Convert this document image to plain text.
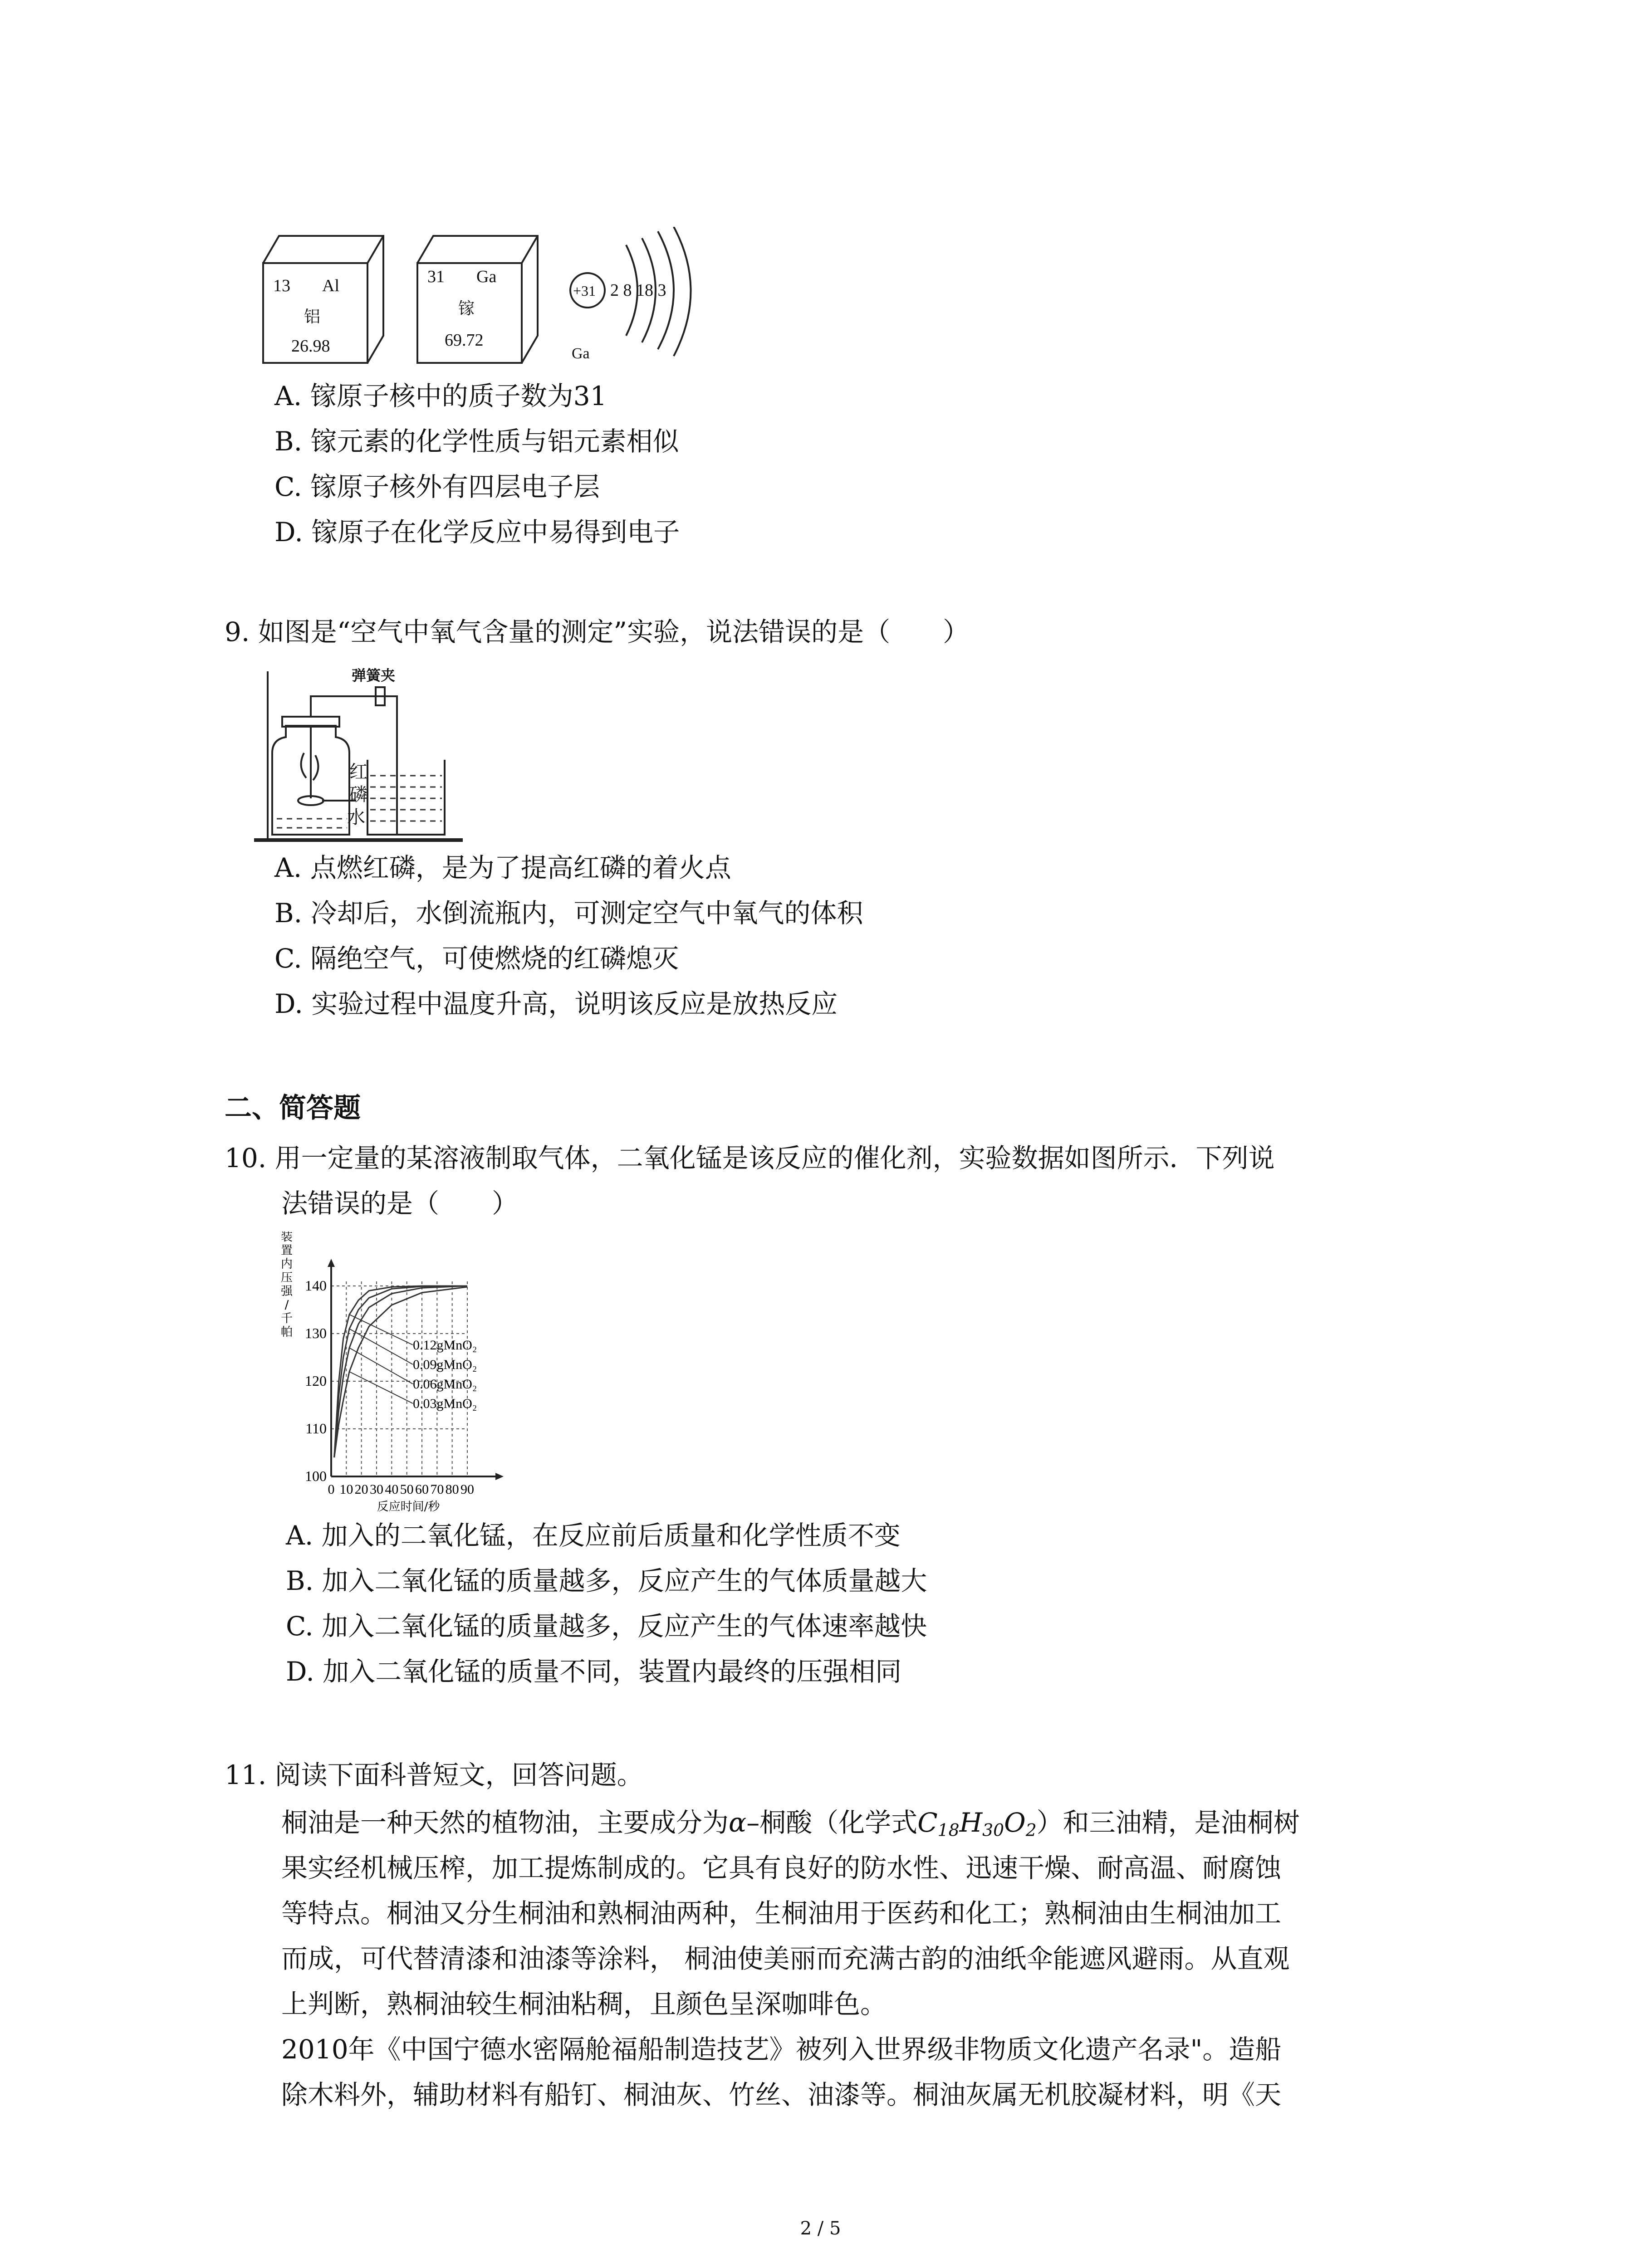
13 Al
铝
26.98
31 Ga
镓
69.72
+31 2 8 18 3
Ga
A. 镓原子核中的质子数为31
B. 镓元素的化学性质与铝元素相似
C. 镓原子核外有四层电子层
D. 镓原子在化学反应中易得到电子
9. 如图是“空气中氧气含量的测定”实验，说法错误的是（　　）
弹簧夹
红
磷
水
A. 点燃红磷，是为了提高红磷的着火点
B. 冷却后，水倒流瓶内，可测定空气中氧气的体积
C. 隔绝空气，可使燃烧的红磷熄灭
D. 实验过程中温度升高，说明该反应是放热反应
二、简答题
10. 用一定量的某溶液制取气体，二氧化锰是该反应的催化剂，实验数据如图所示．下列说
法错误的是（　　）
0 10 20 30 40 50 60 70 80 90
100
110
120
130
140
反应时间/秒
装
置
内
压
强
/
千
帕
0.12gMnO₂
0.09gMnO₂
0.06gMnO₂
0.03gMnO₂
A. 加入的二氧化锰，在反应前后质量和化学性质不变
B. 加入二氧化锰的质量越多，反应产生的气体质量越大
C. 加入二氧化锰的质量越多，反应产生的气体速率越快
D. 加入二氧化锰的质量不同，装置内最终的压强相同
11. 阅读下面科普短文，回答问题。
桐油是一种天然的植物油，主要成分为α–桐酸（化学式$C_{18}H_{30}O_2$）和三油精，是油桐树
果实经机械压榨，加工提炼制成的。它具有良好的防水性、迅速干燥、耐高温、耐腐蚀
等特点。桐油又分生桐油和熟桐油两种，生桐油用于医药和化工；熟桐油由生桐油加工
而成，可代替清漆和油漆等涂料， 桐油使美丽而充满古韵的油纸伞能遮风避雨。从直观
上判断，熟桐油较生桐油粘稠，且颜色呈深咖啡色。
2010年《中国宁德水密隔舱福船制造技艺》被列入世界级非物质文化遗产名录"。造船
除木料外，辅助材料有船钉、桐油灰、竹丝、油漆等。桐油灰属无机胶凝材料，明《天
2 / 5
